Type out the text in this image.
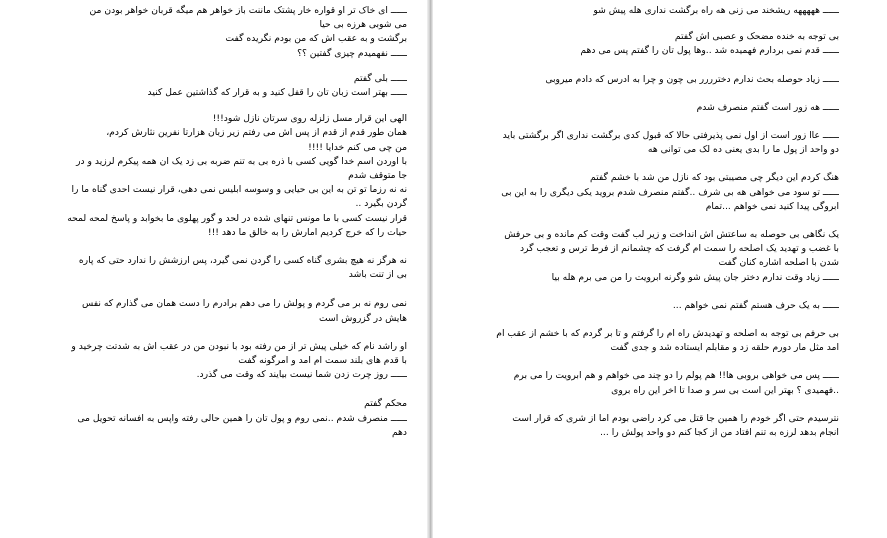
ــــــ ای خاک تر او قواره خار پشتک ماننت باز خواهر هم میگه قربان خواهر بودن من
می شوبی هرزه بی حیا
برگشت و به عقب اش که من بودم نگریده گفت
ــــــ نفهمیدم چیزی گفتین ؟؟
ــــــ بلی گفتم
ــــــ بهتر است زبان تان را قفل کنید و به قرار که گذاشتین عمل کنید
الهی این قرار مسل زلزله روی سرتان نازل شود!!!
همان طور قدم از قدم از پس اش می رفتم زیر زبان هزارتا نفرین نثارش کردم،
من چی می کنم خدایا !!!!
با اوردن اسم خدا گویی کسی با ذره بی به تنم ضربه بی زد یک ان همه پیکرم لرزید و در
جا متوقف شدم
نه نه رزما تو تن به این بی حیایی و وسوسه ابلیس نمی دهی، قرار نیست احدی گناه ما را
گردن بگیرد ..
قرار نیست کسی با ما مونس تنهای شده در لحد و گور پهلوی ما بخوابد و پاسخ لمحه لمحه
حیات را که خرج کردیم امارش را به خالق ما دهد !!!
نه هرگز نه هیچ بشری گناه کسی را گردن نمی گیرد، پس ارزشش را ندارد حتی که پاره
بی از تنت باشد
نمی روم نه بر می گردم و پولش را می دهم برادرم را دست همان می گذارم که نفس
هایش در گزروش است
او راشد نام که خیلی پیش تر از من رفته بود با نبودن من در عقب اش به شدتت چرخید و
با قدم های بلند سمت ام امد و امرگونه گفت
ــــــ روز چرت زدن شما نیست بیایند که وقت می گذرد.
محکم گفتم
ــــــ منصرف شدم ..نمی روم و پول تان را همین حالی رفته واپس به افسانه تحویل می
دهم
ــــــ هههههه ریشخند می زنی هه راه برگشت نداری هله پیش شو
بی توجه به خنده مضحک و عصبی اش گفتم
ــــــ قدم نمی بردارم فهمیده شد ..وها پول تان را گفتم پس می دهم
ــــــ زیاد حوصله بحث ندارم دخترررر بی چون و چرا به ادرس که دادم میروبی
ــــــ هه زور است گفتم منصرف شدم
ــــــ عاا زور است از اول نمی پذیرفتی حالا که قبول کدی برگشت نداری اگر برگشتی باید
دو واحد از پول ما را بدی یعنی ده لک می توانی هه
هنگ کردم این دیگر چی مصیبتی بود که نازل من شد با خشم گفتم
ــــــ تو سود می خواهی هه بی شرف ..گفتم منصرف شدم برويد یکی دیگری را به این بی
ابروگی پیدا کنید نمی خواهم ...تمام
یک نگاهی بی حوصله به ساعتش اش انداخت و زیر لب گفت وقت کم مانده و بی حرفش
با غضب و تهدید یک اصلحه را سمت ام گرفت که چشمانم از فرط ترس و تعجب گرد
شدن با اصلحه اشاره کنان گفت
ــــــ زیاد وقت ندارم دختر جان پیش شو وگرنه ابرویت را من می برم هله بیا
ــــــ به یک حرف هستم گفتم نمی خواهم ...
بی حرفم بی توجه به اصلحه و تهدیدش راه ام را گرفتم و تا بر گردم که با خشم از عقب ام
امد مثل مار دورم حلقه زد و مقابلم ایستاده شد و جدی گفت
ــــــ پس می خواهی بروبی ها!! هم پولم را دو چند می خواهم و هم ابرویت را می برم
..فهمیدی ؟ بهتر این است بی سر و صدا تا اخر این راه بروی
نترسیدم حتی اگر خودم را همین جا قتل می کرد راضی بودم اما از شری که قرار است
انجام بدهد لرزه به تنم افتاد من از کجا کنم دو واحد پولش را ...
